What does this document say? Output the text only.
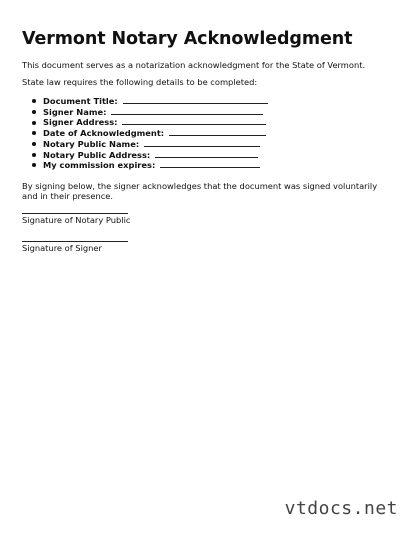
Vermont Notary Acknowledgment

This document serves as a notarization acknowledgment for the State of Vermont.

State law requires the following details to be completed:

Document Title:
Signer Name:
Signer Address:
Date of Acknowledgment:
Notary Public Name:
Notary Public Address:
My commission expires:

By signing below, the signer acknowledges that the document was signed voluntarily and in their presence.

Signature of Notary Public
Signature of Signer
vtdocs.net
